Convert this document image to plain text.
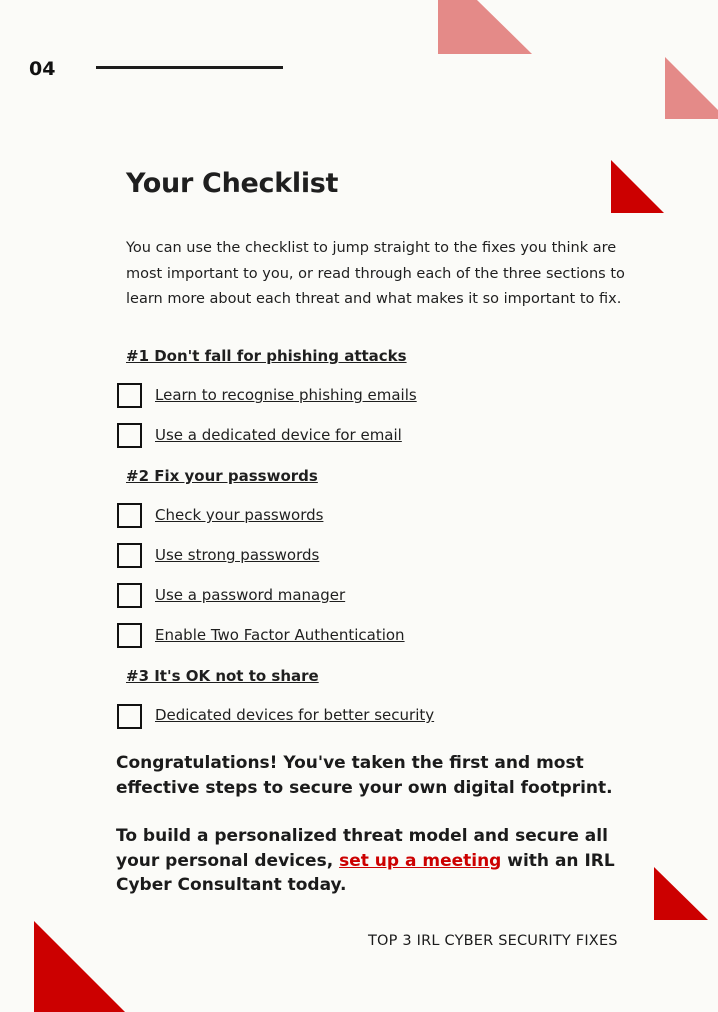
04
Your Checklist

You can use the checklist to jump straight to the fixes you think are most important to you, or read through each of the three sections to learn more about each threat and what makes it so important to fix.

#1 Don't fall for phishing attacks
Learn to recognise phishing emails
Use a dedicated device for email
#2 Fix your passwords
Check your passwords
Use strong passwords
Use a password manager
Enable Two Factor Authentication
#3 It's OK not to share
Dedicated devices for better security

Congratulations! You've taken the first and most effective steps to secure your own digital footprint.

To build a personalized threat model and secure all your personal devices, set up a meeting with an IRL Cyber Consultant today.

TOP 3 IRL CYBER SECURITY FIXES
